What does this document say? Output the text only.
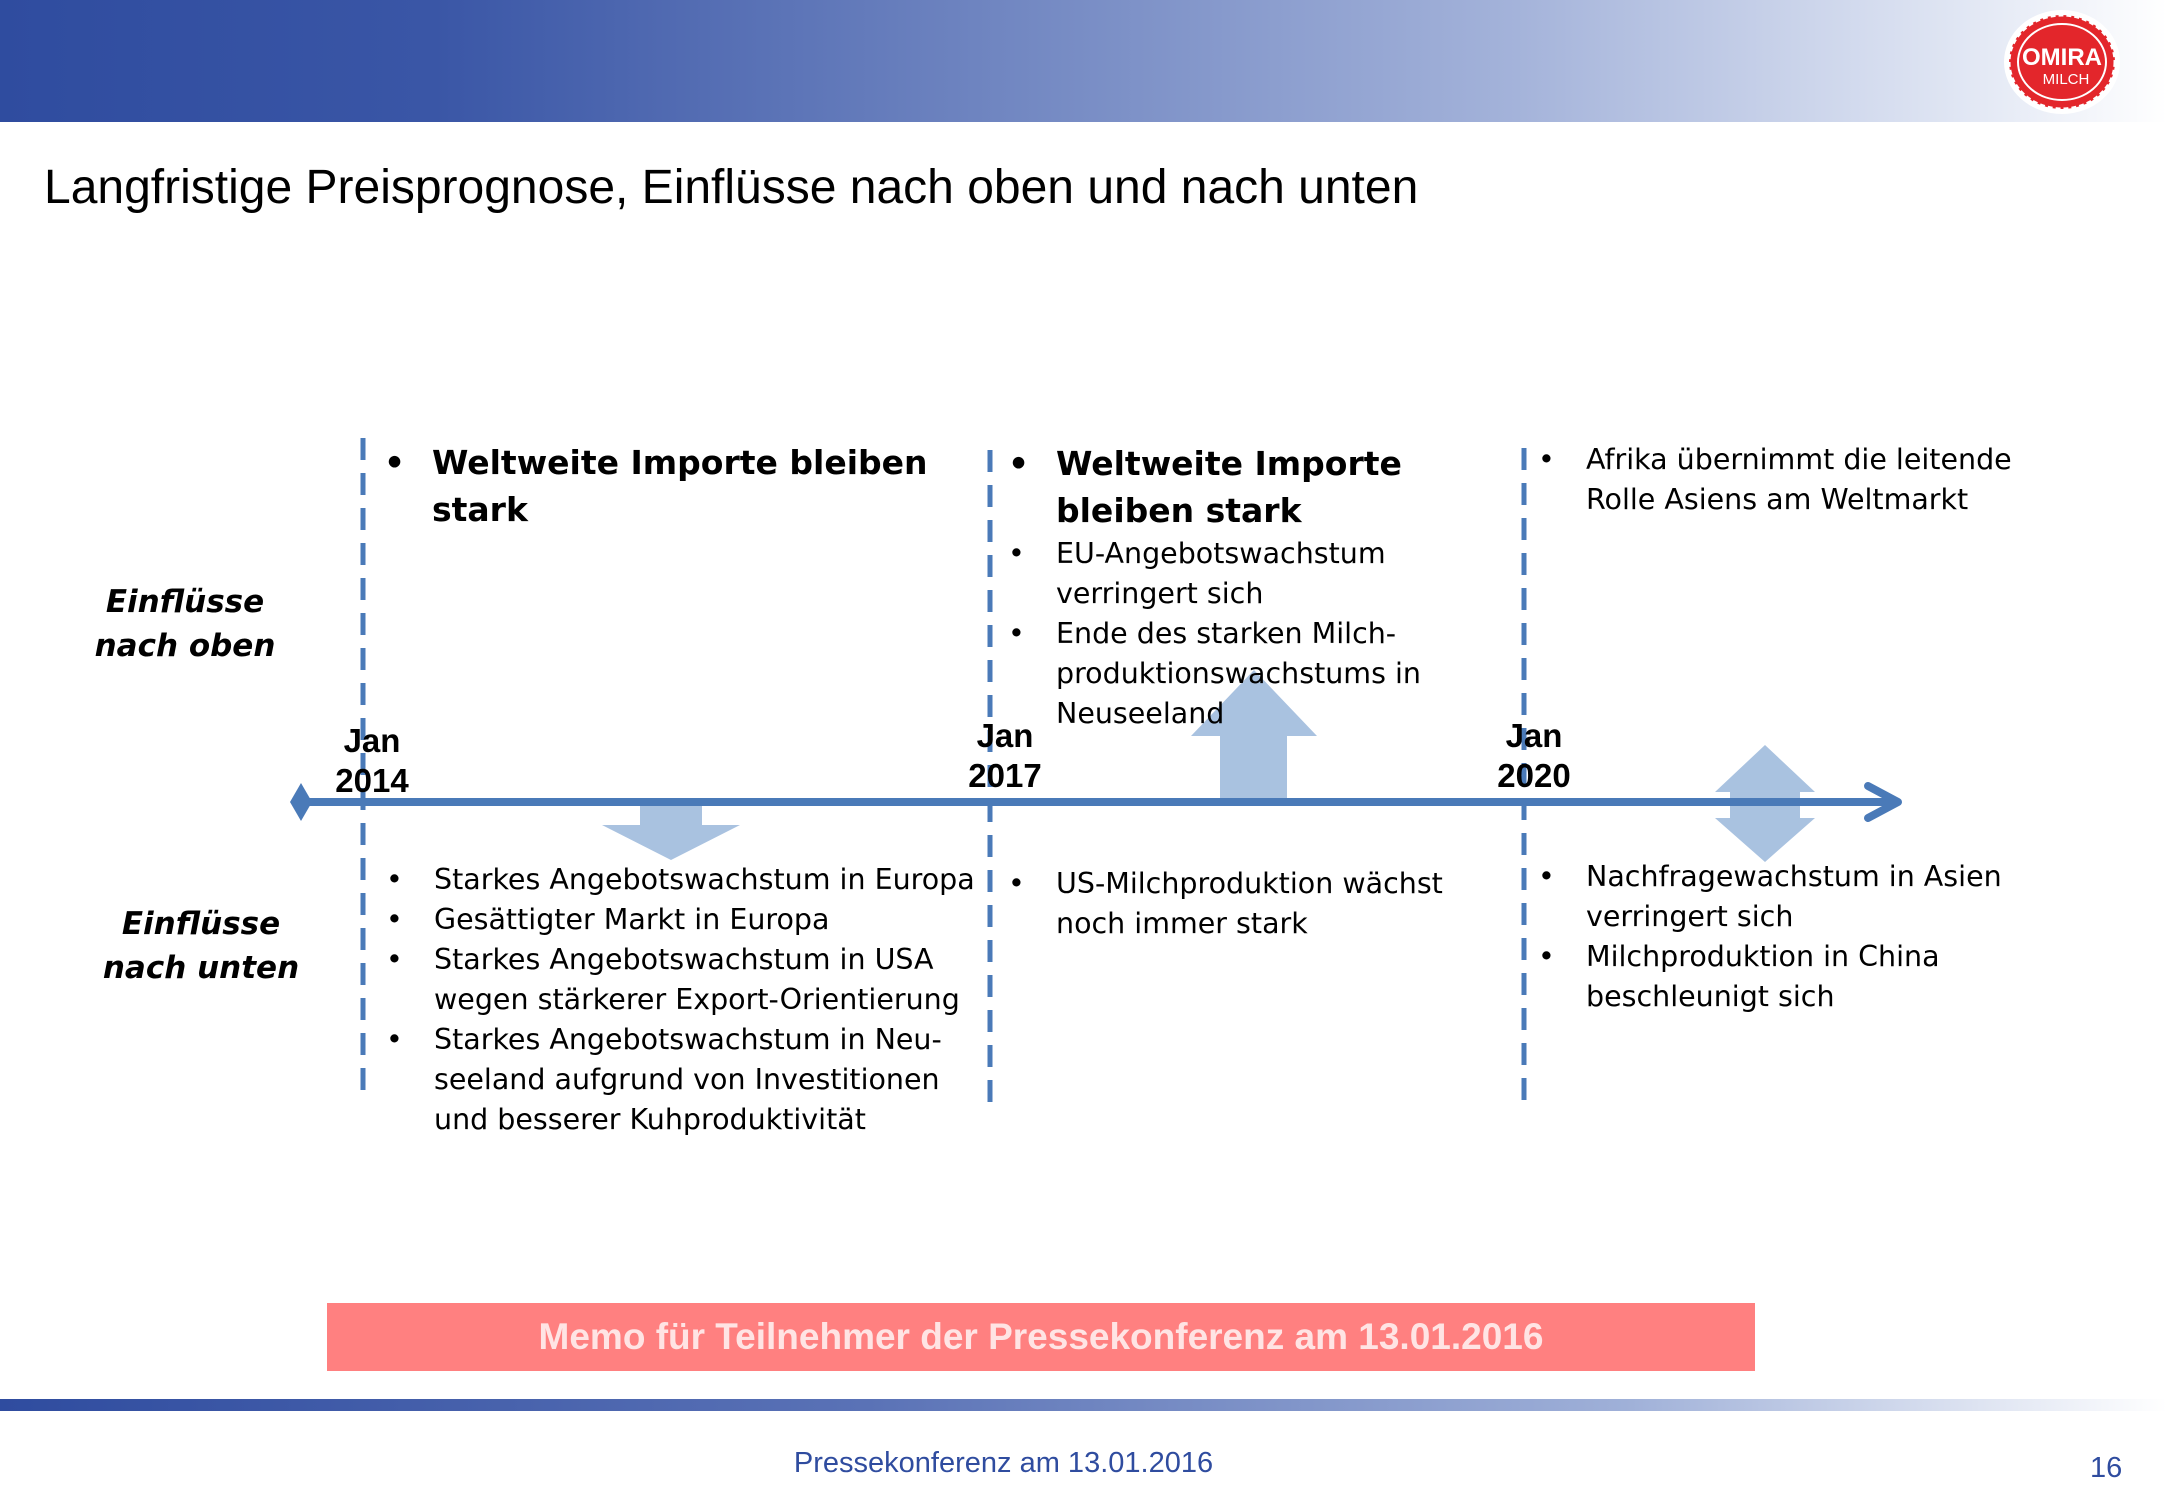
OMIRA
MILCH
Langfristige Preisprognose, Einflüsse nach oben und nach unten
Einflüsse
nach oben
Einflüsse
nach unten
Jan
2014
Jan
2017
Jan
2020
• Weltweite Importe bleiben stark
• Starkes Angebotswachstum in Europa
• Gesättigter Markt in Europa
• Starkes Angebotswachstum in USA wegen stärkerer Export-Orientierung
• Starkes Angebotswachstum in Neu-seeland aufgrund von Investitionen und besserer Kuhproduktivität
• Weltweite Importe bleiben stark
• EU-Angebotswachstum verringert sich
• Ende des starken Milch-produktionswachstums in Neuseeland
• US-Milchproduktion wächst noch immer stark
• Afrika übernimmt die leitende Rolle Asiens am Weltmarkt
• Nachfragewachstum in Asien verringert sich
• Milchproduktion in China beschleunigt sich
Memo für Teilnehmer der Pressekonferenz am 13.01.2016
Pressekonferenz am 13.01.2016	16
